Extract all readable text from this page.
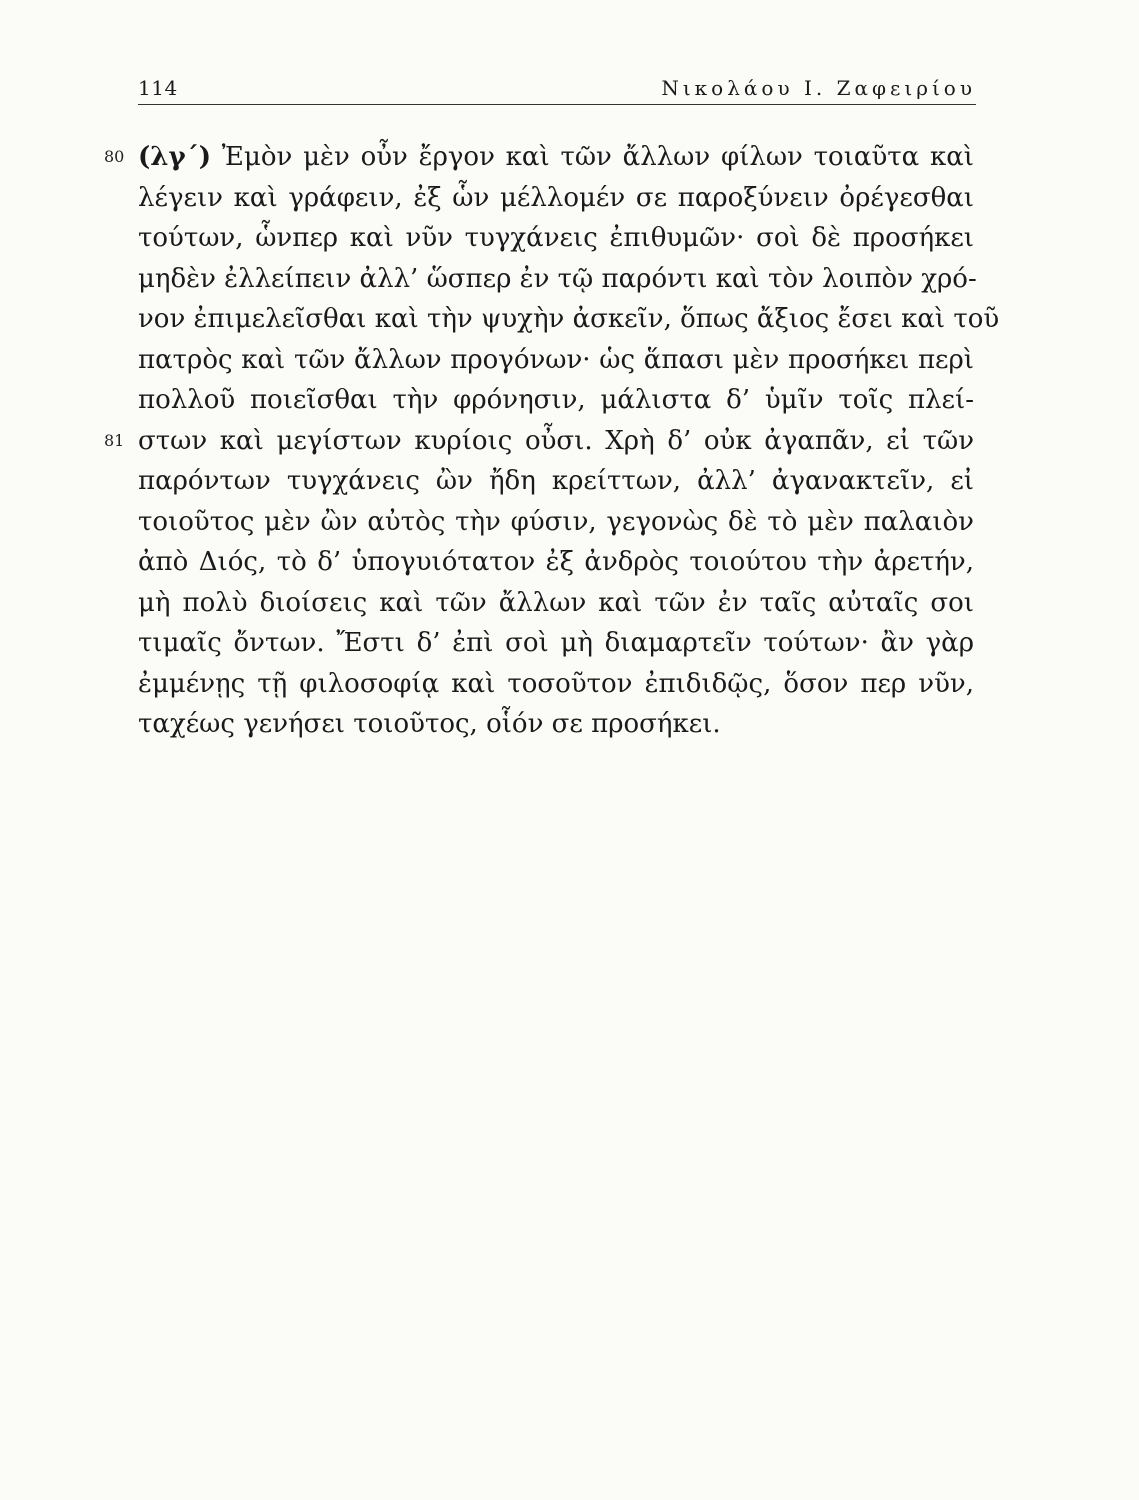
114	Νικολάου Ι. Ζαφειρίου
80
81
(λγ΄) Ἐμὸν μὲν οὖν ἔργον καὶ τῶν ἄλλων φίλων τοιαῦτα καὶ
λέγειν καὶ γράφειν, ἐξ ὧν μέλλομέν σε παροξύνειν ὀρέγεσθαι
τούτων, ὧνπερ καὶ νῦν τυγχάνεις ἐπιθυμῶν· σοὶ δὲ προσήκει
μηδὲν ἐλλείπειν ἀλλ’ ὥσπερ ἐν τῷ παρόντι καὶ τὸν λοιπὸν χρό-
νον ἐπιμελεῖσθαι καὶ τὴν ψυχὴν ἀσκεῖν, ὅπως ἄξιος ἔσει καὶ τοῦ
πατρὸς καὶ τῶν ἄλλων προγόνων· ὡς ἅπασι μὲν προσήκει περὶ
πολλοῦ ποιεῖσθαι τὴν φρόνησιν, μάλιστα δ’ ὑμῖν τοῖς πλεί-
στων καὶ μεγίστων κυρίοις οὖσι. Χρὴ δ’ οὐκ ἀγαπᾶν, εἰ τῶν
παρόντων τυγχάνεις ὢν ἤδη κρείττων, ἀλλ’ ἀγανακτεῖν, εἰ
τοιοῦτος μὲν ὢν αὐτὸς τὴν φύσιν, γεγονὼς δὲ τὸ μὲν παλαιὸν
ἀπὸ Διός, τὸ δ’ ὑπογυιότατον ἐξ ἀνδρὸς τοιούτου τὴν ἀρετήν,
μὴ πολὺ διοίσεις καὶ τῶν ἄλλων καὶ τῶν ἐν ταῖς αὐταῖς σοι
τιμαῖς ὄντων. Ἔστι δ’ ἐπὶ σοὶ μὴ διαμαρτεῖν τούτων· ἂν γὰρ
ἐμμένῃς τῇ φιλοσοφίᾳ καὶ τοσοῦτον ἐπιδιδῷς, ὅσον περ νῦν,
ταχέως γενήσει τοιοῦτος, οἷόν σε προσήκει.
